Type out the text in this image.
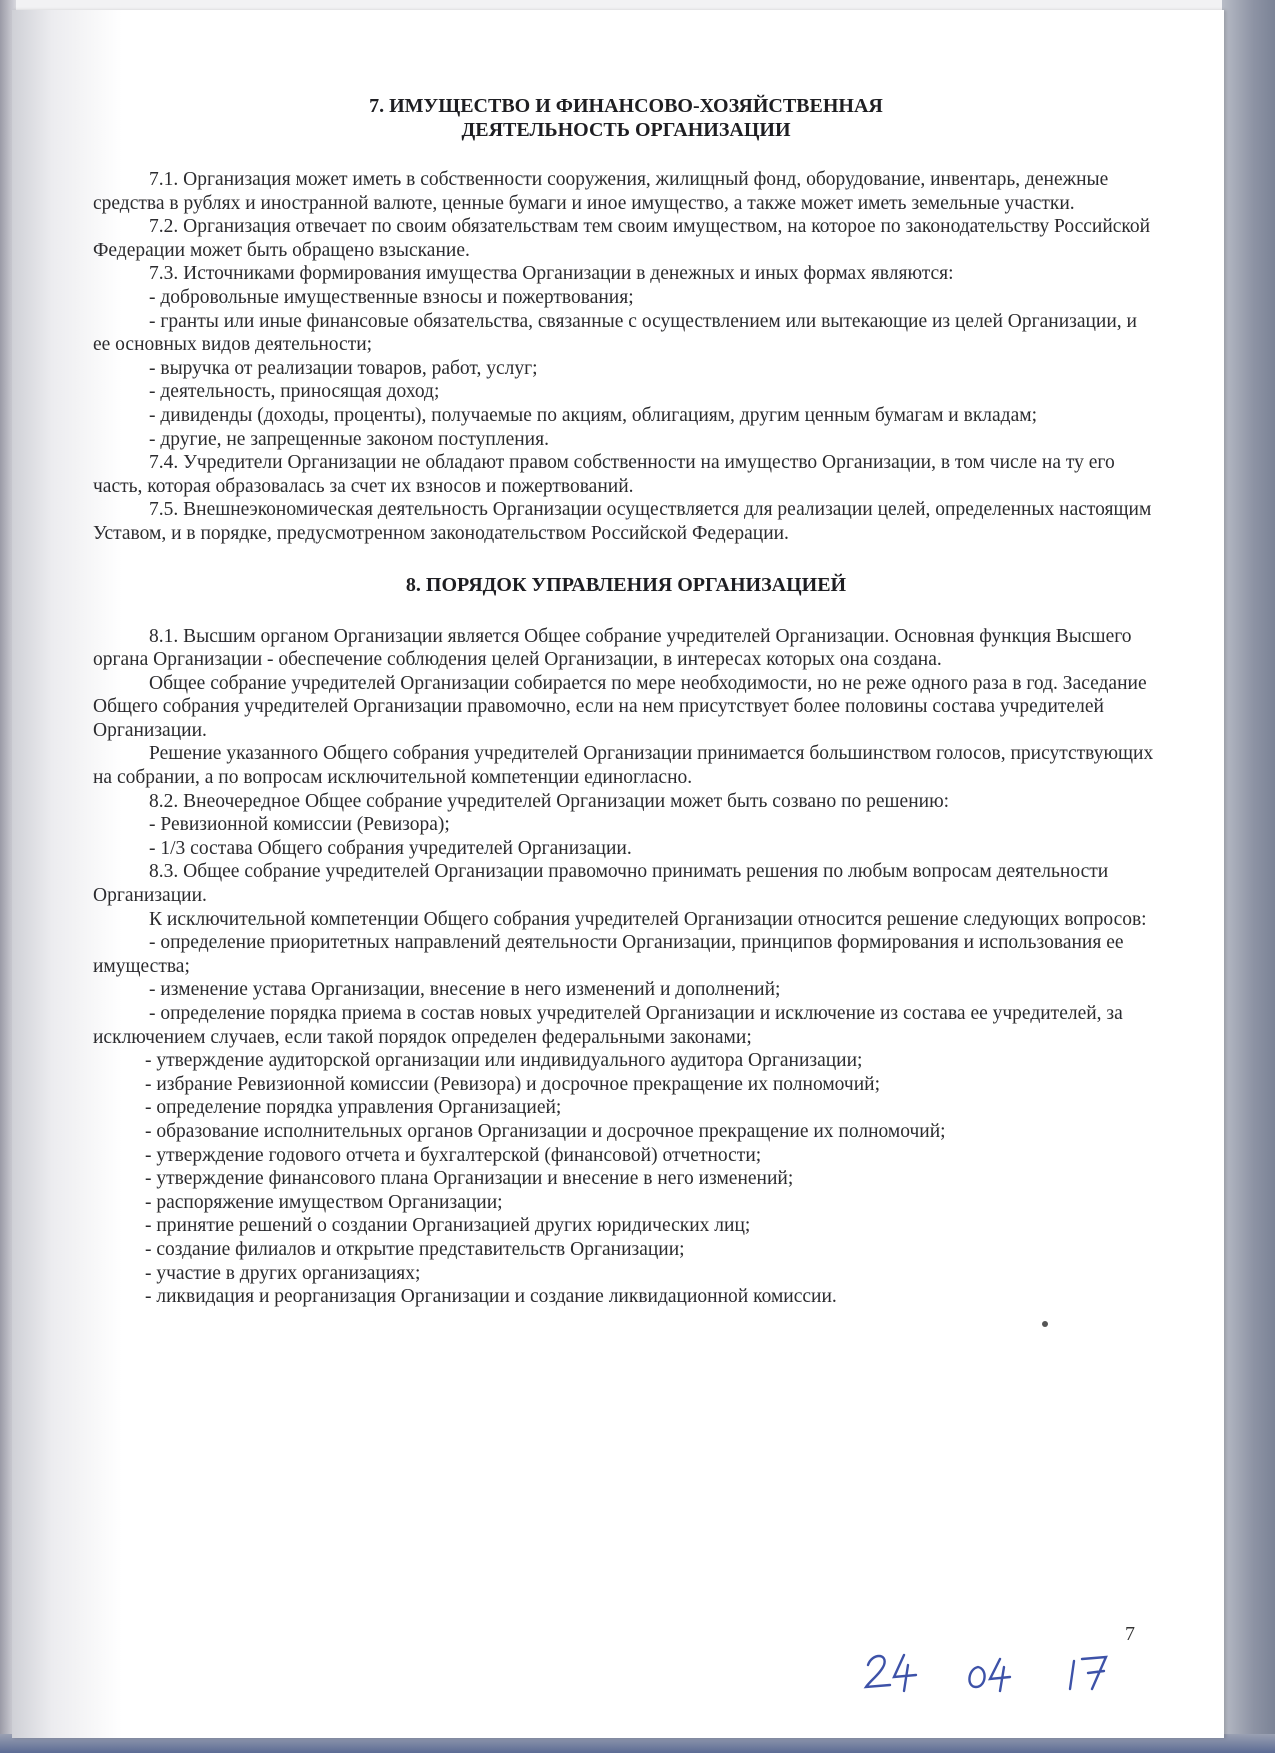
7. ИМУЩЕСТВО И ФИНАНСОВО-ХОЗЯЙСТВЕННАЯ
ДЕЯТЕЛЬНОСТЬ ОРГАНИЗАЦИИ

7.1. Организация может иметь в собственности сооружения, жилищный фонд, оборудование, инвентарь, денежные средства в рублях и иностранной валюте, ценные бумаги и иное имущество, а также может иметь земельные участки.

7.2. Организация отвечает по своим обязательствам тем своим имуществом, на которое по законодательству Российской Федерации может быть обращено взыскание.

7.3. Источниками формирования имущества Организации в денежных и иных формах являются:

- добровольные имущественные взносы и пожертвования;

- гранты или иные финансовые обязательства, связанные с осуществлением или вытекающие из целей Организации, и ее основных видов деятельности;

- выручка от реализации товаров, работ, услуг;

- деятельность, приносящая доход;

- дивиденды (доходы, проценты), получаемые по акциям, облигациям, другим ценным бумагам и вкладам;

- другие, не запрещенные законом поступления.

7.4. Учредители Организации не обладают правом собственности на имущество Организации, в том числе на ту его часть, которая образовалась за счет их взносов и пожертвований.

7.5. Внешнеэкономическая деятельность Организации осуществляется для реализации целей, определенных настоящим Уставом, и в порядке, предусмотренном законодательством Российской Федерации.

8. ПОРЯДОК УПРАВЛЕНИЯ ОРГАНИЗАЦИЕЙ

8.1. Высшим органом Организации является Общее собрание учредителей Организации. Основная функция Высшего органа Организации - обеспечение соблюдения целей Организации, в интересах которых она создана.

Общее собрание учредителей Организации собирается по мере необходимости, но не реже одного раза в год. Заседание Общего собрания учредителей Организации правомочно, если на нем присутствует более половины состава учредителей Организации.

Решение указанного Общего собрания учредителей Организации принимается большинством голосов, присутствующих на собрании, а по вопросам исключительной компетенции единогласно.

8.2. Внеочередное Общее собрание учредителей Организации может быть созвано по решению:

- Ревизионной комиссии (Ревизора);

- 1/3 состава Общего собрания учредителей Организации.

8.3. Общее собрание учредителей Организации правомочно принимать решения по любым вопросам деятельности Организации.

К исключительной компетенции Общего собрания учредителей Организации относится решение следующих вопросов:

- определение приоритетных направлений деятельности Организации, принципов формирования и использования ее имущества;

- изменение устава Организации, внесение в него изменений и дополнений;

- определение порядка приема в состав новых учредителей Организации и исключение из состава ее учредителей, за исключением случаев, если такой порядок определен федеральными законами;

- утверждение аудиторской организации или индивидуального аудитора Организации;

- избрание Ревизионной комиссии (Ревизора) и досрочное прекращение их полномочий;

- определение порядка управления Организацией;

- образование исполнительных органов Организации и досрочное прекращение их полномочий;

- утверждение годового отчета и бухгалтерской (финансовой) отчетности;

- утверждение финансового плана Организации и внесение в него изменений;

- распоряжение имуществом Организации;

- принятие решений о создании Организацией других юридических лиц;

- создание филиалов и открытие представительств Организации;

- участие в других организациях;

- ликвидация и реорганизация Организации и создание ликвидационной комиссии.

7
